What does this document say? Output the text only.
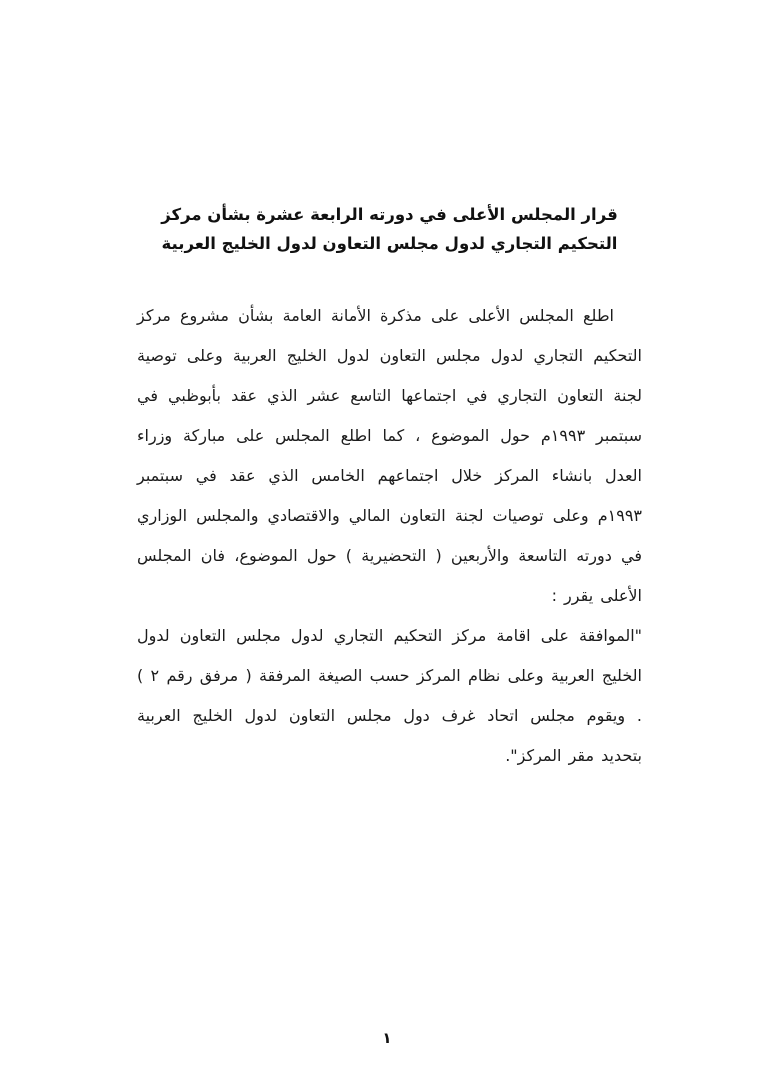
قرار المجلس الأعلى في دورته الرابعة عشرة بشأن مركز
التحكيم التجاري لدول مجلس التعاون لدول الخليج العربية

اطلع المجلس الأعلى على مذكرة الأمانة العامة بشأن مشروع مركز التحكيم التجاري لدول مجلس التعاون لدول الخليج العربية وعلى توصية لجنة التعاون التجاري في اجتماعها التاسع عشر الذي عقد بأبوظبي في سبتمبر ١٩٩٣م حول الموضوع ، كما اطلع المجلس على مباركة وزراء العدل بانشاء المركز خلال اجتماعهم الخامس الذي عقد في سبتمبر ١٩٩٣م وعلى توصيات لجنة التعاون المالي والاقتصادي والمجلس الوزاري في دورته التاسعة والأربعين ( التحضيرية ) حول الموضوع، فان المجلس الأعلى يقرر :

"الموافقة على اقامة مركز التحكيم التجاري لدول مجلس التعاون لدول الخليج العربية وعلى نظام المركز حسب الصيغة المرفقة ( مرفق رقم ٢ ) . ويقوم مجلس اتحاد غرف دول مجلس التعاون لدول الخليج العربية بتحديد مقر المركز".

١
